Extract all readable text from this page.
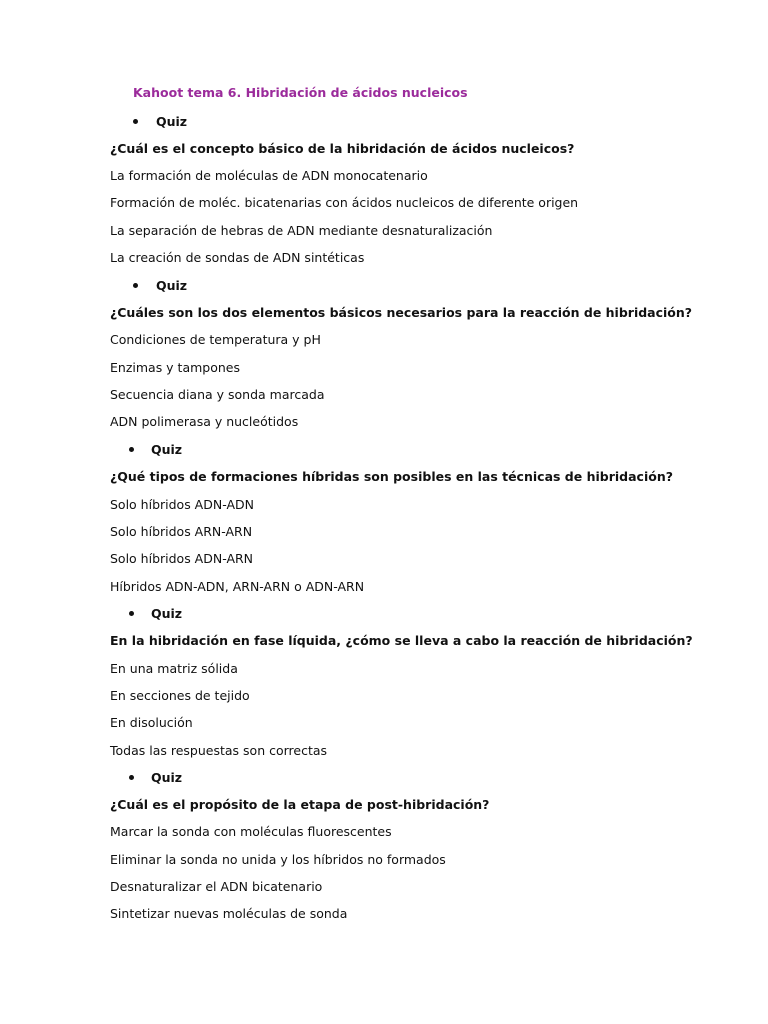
Kahoot tema 6. Hibridación de ácidos nucleicos
Quiz
¿Cuál es el concepto básico de la hibridación de ácidos nucleicos?
La formación de moléculas de ADN monocatenario
Formación de moléc. bicatenarias con ácidos nucleicos de diferente origen
La separación de hebras de ADN mediante desnaturalización
La creación de sondas de ADN sintéticas
Quiz
¿Cuáles son los dos elementos básicos necesarios para la reacción de hibridación?
Condiciones de temperatura y pH
Enzimas y tampones
Secuencia diana y sonda marcada
ADN polimerasa y nucleótidos
Quiz
¿Qué tipos de formaciones híbridas son posibles en las técnicas de hibridación?
Solo híbridos ADN-ADN
Solo híbridos ARN-ARN
Solo híbridos ADN-ARN
Híbridos ADN-ADN, ARN-ARN o ADN-ARN
Quiz
En la hibridación en fase líquida, ¿cómo se lleva a cabo la reacción de hibridación?
En una matriz sólida
En secciones de tejido
En disolución
Todas las respuestas son correctas
Quiz
¿Cuál es el propósito de la etapa de post-hibridación?
Marcar la sonda con moléculas fluorescentes
Eliminar la sonda no unida y los híbridos no formados
Desnaturalizar el ADN bicatenario
Sintetizar nuevas moléculas de sonda
